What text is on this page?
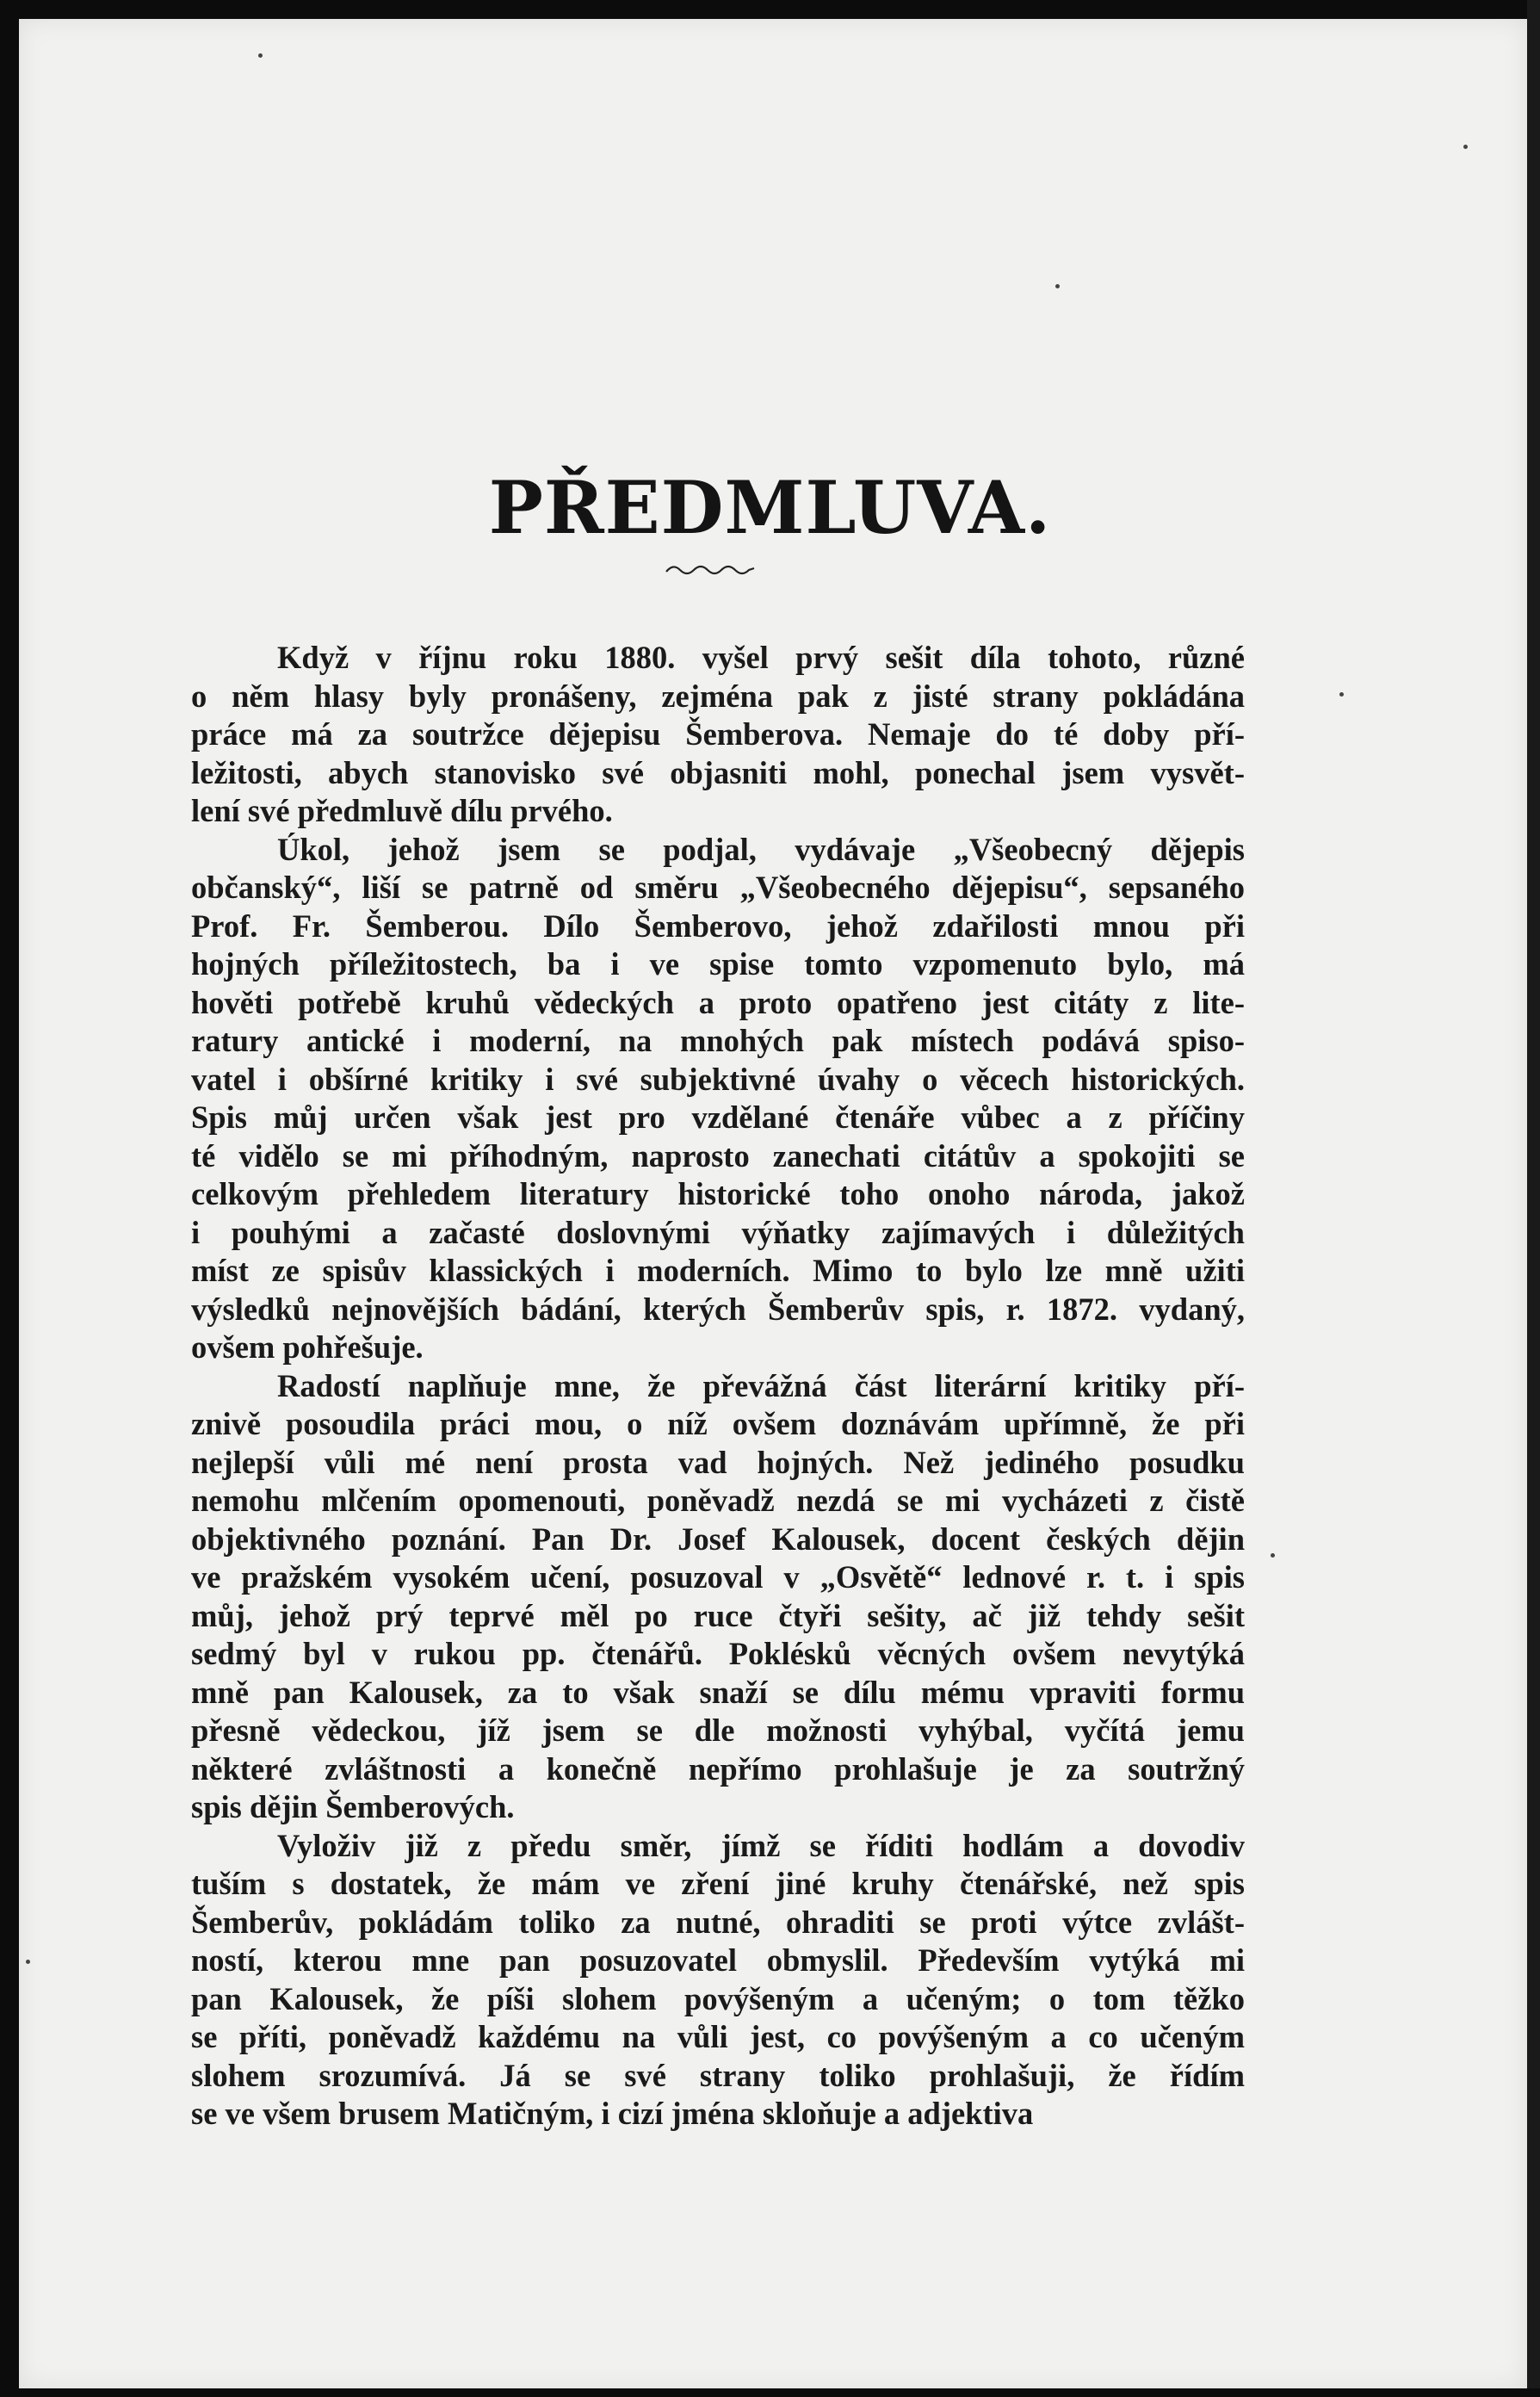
PŘEDMLUVA.

Když v říjnu roku 1880. vyšel prvý sešit díla tohoto, různé
o něm hlasy byly pronášeny, zejména pak z jisté strany pokládána
práce má za soutržce dějepisu Šemberova. Nemaje do té doby pří-
ležitosti, abych stanovisko své objasniti mohl, ponechal jsem vysvět-
lení své předmluvě dílu prvého.

Úkol, jehož jsem se podjal, vydávaje „Všeobecný dějepis
občanský“, liší se patrně od směru „Všeobecného dějepisu“, sepsaného
Prof. Fr. Šemberou. Dílo Šemberovo, jehož zdařilosti mnou při
hojných příležitostech, ba i ve spise tomto vzpomenuto bylo, má
hověti potřebě kruhů vědeckých a proto opatřeno jest citáty z lite-
ratury antické i moderní, na mnohých pak místech podává spiso-
vatel i obšírné kritiky i své subjektivné úvahy o věcech historických.
Spis můj určen však jest pro vzdělané čtenáře vůbec a z příčiny
té vidělo se mi příhodným, naprosto zanechati citátův a spokojiti se
celkovým přehledem literatury historické toho onoho národa, jakož
i pouhými a začasté doslovnými výňatky zajímavých i důležitých
míst ze spisův klassických i moderních. Mimo to bylo lze mně užiti
výsledků nejnovějších bádání, kterých Šemberův spis, r. 1872. vydaný,
ovšem pohřešuje.

Radostí naplňuje mne, že převážná část literární kritiky pří-
znivě posoudila práci mou, o níž ovšem doznávám upřímně, že při
nejlepší vůli mé není prosta vad hojných. Než jediného posudku
nemohu mlčením opomenouti, poněvadž nezdá se mi vycházeti z čistě
objektivného poznání. Pan Dr. Josef Kalousek, docent českých dějin
ve pražském vysokém učení, posuzoval v „Osvětě“ lednové r. t. i spis
můj, jehož prý teprvé měl po ruce čtyři sešity, ač již tehdy sešit
sedmý byl v rukou pp. čtenářů. Poklésků věcných ovšem nevytýká
mně pan Kalousek, za to však snaží se dílu mému vpraviti formu
přesně vědeckou, jíž jsem se dle možnosti vyhýbal, vyčítá jemu
některé zvláštnosti a konečně nepřímo prohlašuje je za soutržný
spis dějin Šemberových.

Vyloživ již z předu směr, jímž se říditi hodlám a dovodiv
tuším s dostatek, že mám ve zření jiné kruhy čtenářské, než spis
Šemberův, pokládám toliko za nutné, ohraditi se proti výtce zvlášt-
ností, kterou mne pan posuzovatel obmyslil. Především vytýká mi
pan Kalousek, že píši slohem povýšeným a učeným; o tom těžko
se příti, poněvadž každému na vůli jest, co povýšeným a co učeným
slohem srozumívá. Já se své strany toliko prohlašuji, že řídím
se ve všem brusem Matičným, i cizí jména skloňuje a adjektiva
